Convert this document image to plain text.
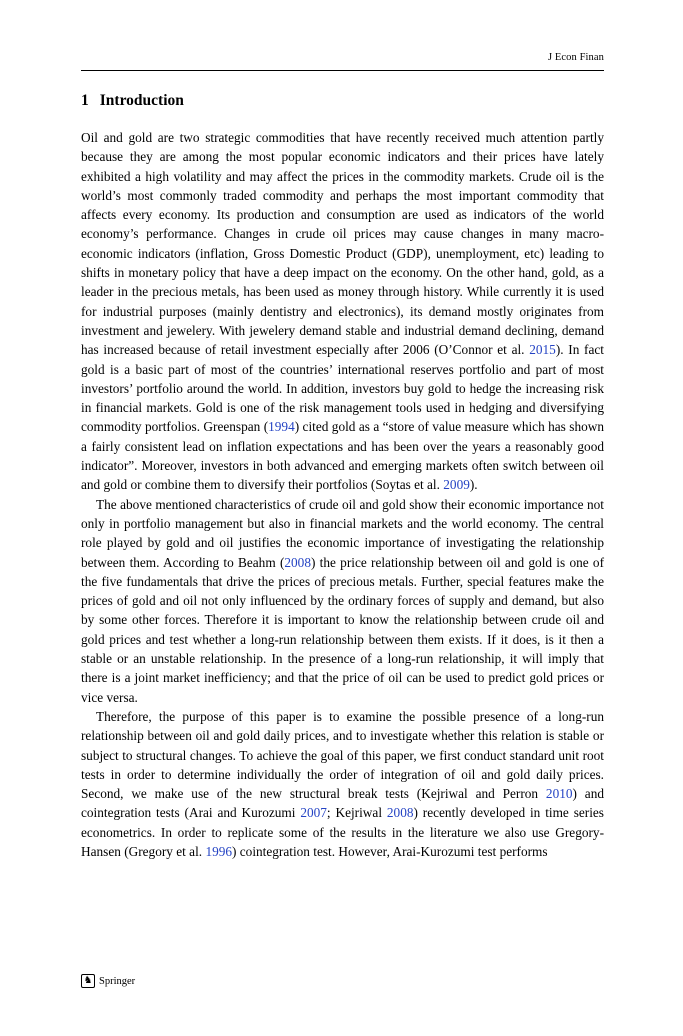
J Econ Finan
1 Introduction

Oil and gold are two strategic commodities that have recently received much attention partly because they are among the most popular economic indicators and their prices have lately exhibited a high volatility and may affect the prices in the commodity markets. Crude oil is the world’s most commonly traded commodity and perhaps the most important commodity that affects every economy. Its production and consumption are used as indicators of the world economy’s performance. Changes in crude oil prices may cause changes in many macro-economic indicators (inflation, Gross Domestic Product (GDP), unemployment, etc) leading to shifts in monetary policy that have a deep impact on the economy. On the other hand, gold, as a leader in the precious metals, has been used as money through history. While currently it is used for industrial purposes (mainly dentistry and electronics), its demand mostly originates from investment and jewelery. With jewelery demand stable and industrial demand declining, demand has increased because of retail investment especially after 2006 (O’Connor et al. 2015). In fact gold is a basic part of most of the countries’ international reserves portfolio and part of most investors’ portfolio around the world. In addition, investors buy gold to hedge the increasing risk in financial markets. Gold is one of the risk management tools used in hedging and diversifying commodity portfolios. Greenspan (1994) cited gold as a “store of value measure which has shown a fairly consistent lead on inflation expectations and has been over the years a reasonably good indicator”. Moreover, investors in both advanced and emerging markets often switch between oil and gold or combine them to diversify their portfolios (Soytas et al. 2009).

The above mentioned characteristics of crude oil and gold show their economic importance not only in portfolio management but also in financial markets and the world economy. The central role played by gold and oil justifies the economic importance of investigating the relationship between them. According to Beahm (2008) the price relationship between oil and gold is one of the five fundamentals that drive the prices of precious metals. Further, special features make the prices of gold and oil not only influenced by the ordinary forces of supply and demand, but also by some other forces. Therefore it is important to know the relationship between crude oil and gold prices and test whether a long-run relationship between them exists. If it does, is it then a stable or an unstable relationship. In the presence of a long-run relationship, it will imply that there is a joint market inefficiency; and that the price of oil can be used to predict gold prices or vice versa.

Therefore, the purpose of this paper is to examine the possible presence of a long-run relationship between oil and gold daily prices, and to investigate whether this relation is stable or subject to structural changes. To achieve the goal of this paper, we first conduct standard unit root tests in order to determine individually the order of integration of oil and gold daily prices. Second, we make use of the new structural break tests (Kejriwal and Perron 2010) and cointegration tests (Arai and Kurozumi 2007; Kejriwal 2008) recently developed in time series econometrics. In order to replicate some of the results in the literature we also use Gregory-Hansen (Gregory et al. 1996) cointegration test. However, Arai-Kurozumi test performs

♞ Springer
